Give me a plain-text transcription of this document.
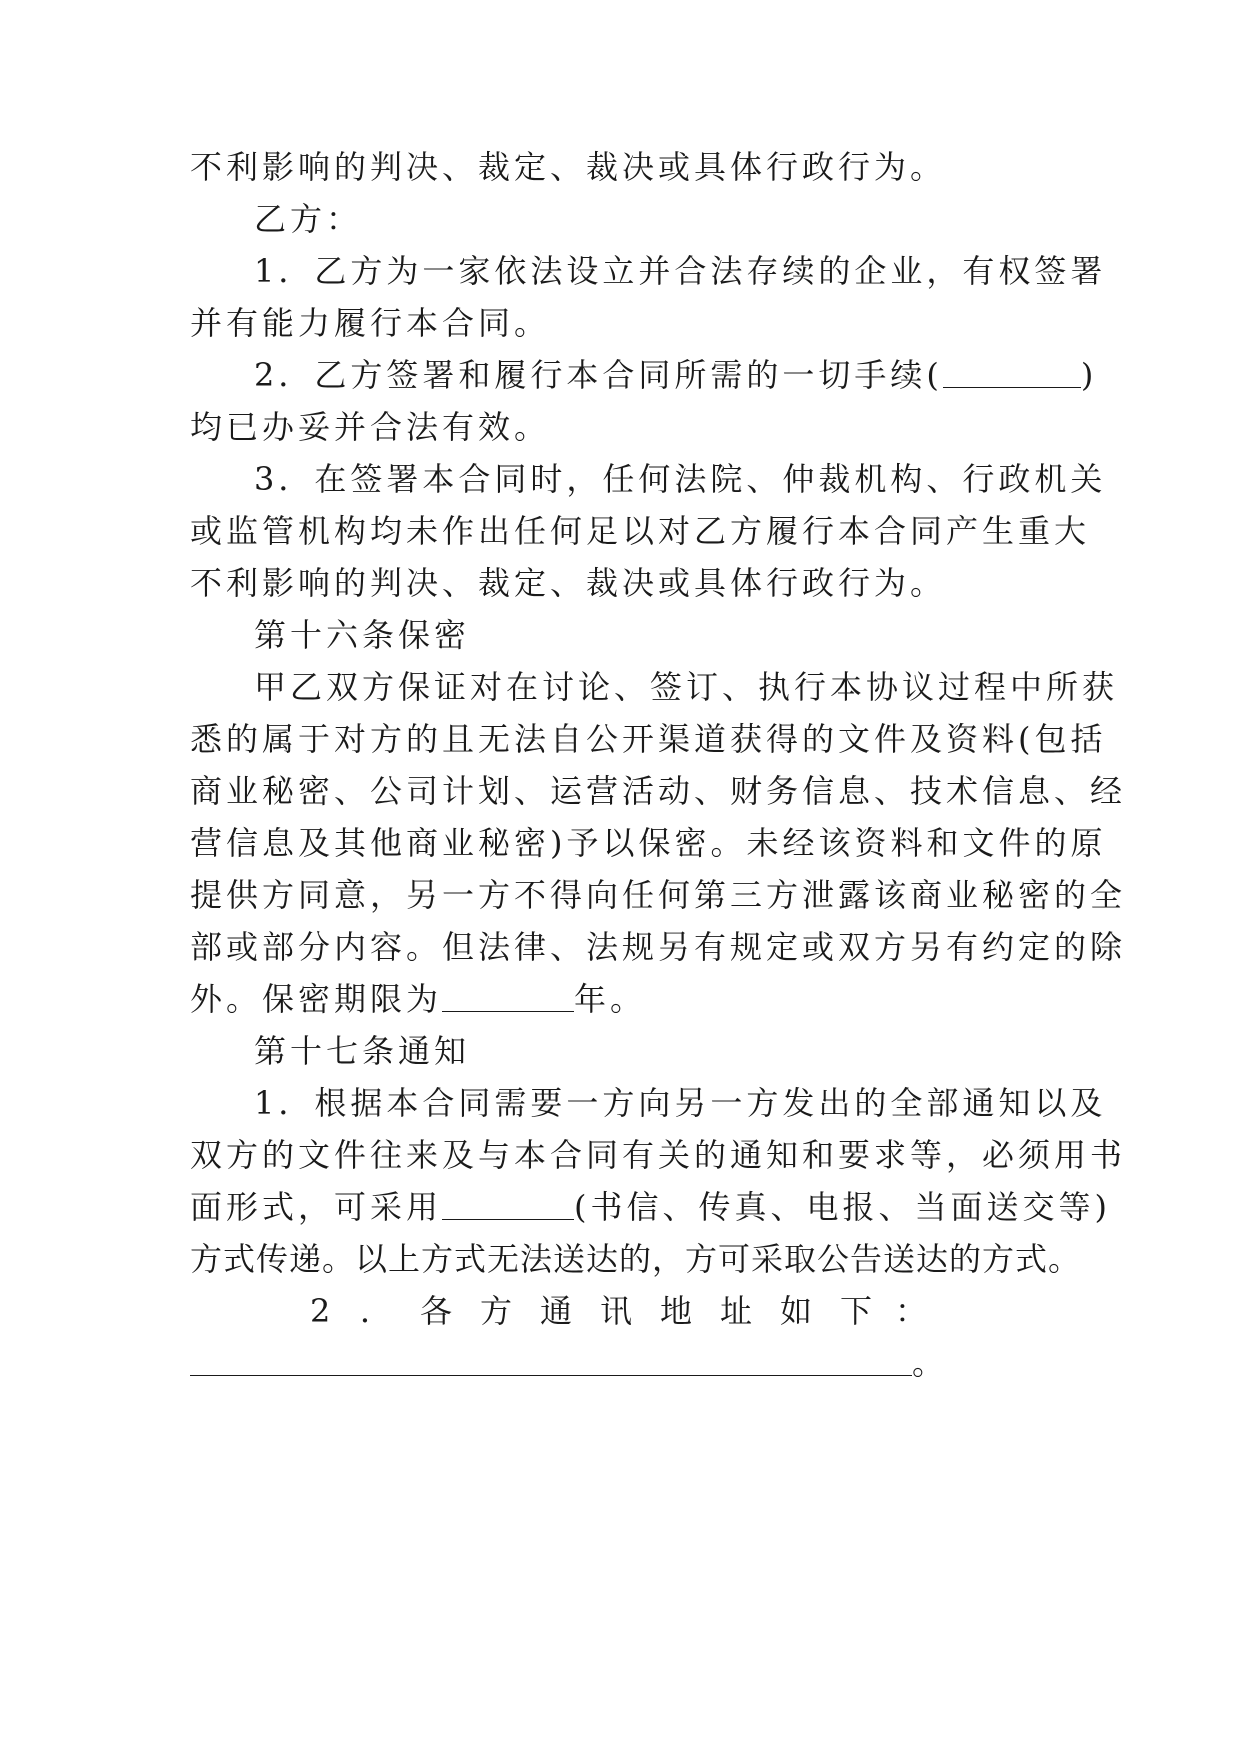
不利影响的判决、裁定、裁决或具体行政行为。
乙方：
1．乙方为一家依法设立并合法存续的企业，有权签署
并有能力履行本合同。
2．乙方签署和履行本合同所需的一切手续(	)
均已办妥并合法有效。
3．在签署本合同时，任何法院、仲裁机构、行政机关
或监管机构均未作出任何足以对乙方履行本合同产生重大
不利影响的判决、裁定、裁决或具体行政行为。
第十六条保密
甲乙双方保证对在讨论、签订、执行本协议过程中所获
悉的属于对方的且无法自公开渠道获得的文件及资料(包括
商业秘密、公司计划、运营活动、财务信息、技术信息、经
营信息及其他商业秘密)予以保密。未经该资料和文件的原
提供方同意，另一方不得向任何第三方泄露该商业秘密的全
部或部分内容。但法律、法规另有规定或双方另有约定的除
外。保密期限为	年。
第十七条通知
1．根据本合同需要一方向另一方发出的全部通知以及
双方的文件往来及与本合同有关的通知和要求等，必须用书
面形式，可采用	(书信、传真、电报、当面送交等)
方式传递。以上方式无法送达的，方可采取公告送达的方式。
2 ． 各 方 通 讯 地 址 如 下 ：
。
